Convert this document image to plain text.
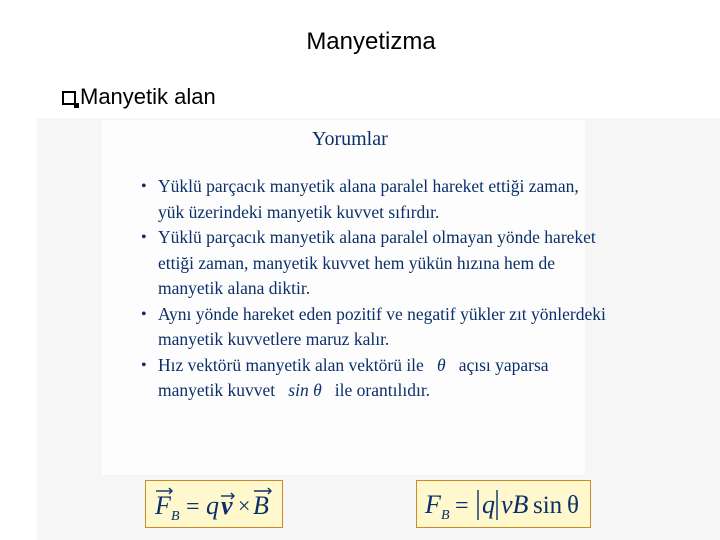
Manyetizma
Manyetik alan
Yorumlar
• Yüklü parçacık manyetik alana paralel hareket ettiği zaman, yük üzerindeki manyetik kuvvet sıfırdır.
• Yüklü parçacık manyetik alana paralel olmayan yönde hareket ettiği zaman, manyetik kuvvet hem yükün hızına hem de manyetik alana diktir.
• Aynı yönde hareket eden pozitif ve negatif yükler zıt yönlerdeki manyetik kuvvetlere maruz kalır.
• Hız vektörü manyetik alan vektörü ile θ açısı yaparsa manyetik kuvvet sin θ ile orantılıdır.
F B = q v × B	F B = q vB sin θ
